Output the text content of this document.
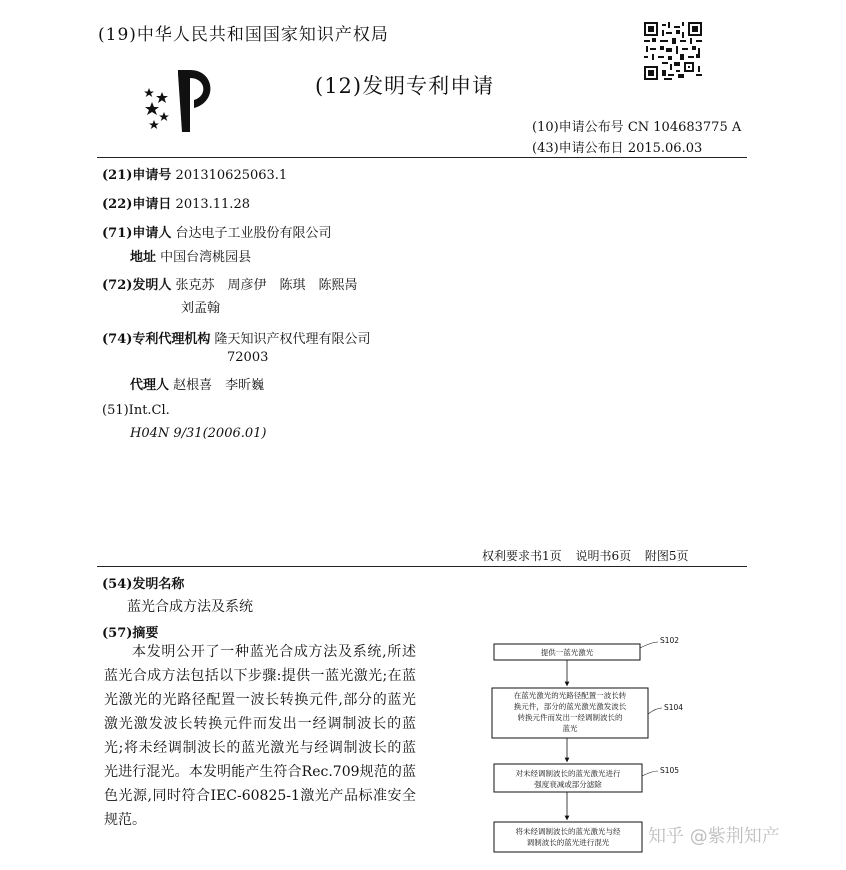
(19)中华人民共和国国家知识产权局
(12)发明专利申请
(10)申请公布号 CN 104683775 A
(43)申请公布日 2015.06.03
(21)申请号 201310625063.1
(22)申请日 2013.11.28
(71)申请人 台达电子工业股份有限公司
地址 中国台湾桃园县
(72)发明人 张克苏　周彦伊　陈琪　陈熙昺
刘孟翰
(74)专利代理机构 隆天知识产权代理有限公司
72003
代理人 赵根喜　李昕巍
(51)Int.Cl.
H04N 9/31(2006.01)
权利要求书1页 说明书6页 附图5页
(54)发明名称
蓝光合成方法及系统
(57)摘要
本发明公开了一种蓝光合成方法及系统,所述蓝光合成方法包括以下步骤:提供一蓝光激光;在蓝光激光的光路径配置一波长转换元件,部分的蓝光激光激发波长转换元件而发出一经调制波长的蓝光;将未经调制波长的蓝光激光与经调制波长的蓝光进行混光。本发明能产生符合Rec.709规范的蓝色光源,同时符合IEC-60825-1激光产品标准安全规范。
提供一蓝光激光
S102
在蓝光激光的光路径配置一波长转
换元件，部分的蓝光激光激发波长
转换元件而发出一经调制波长的
蓝光
S104
对未经调制波长的蓝光激光进行
强度衰减或部分滤除
S105
将未经调制波长的蓝光激光与经
调制波长的蓝光进行混光 知乎 @紫荆知产
